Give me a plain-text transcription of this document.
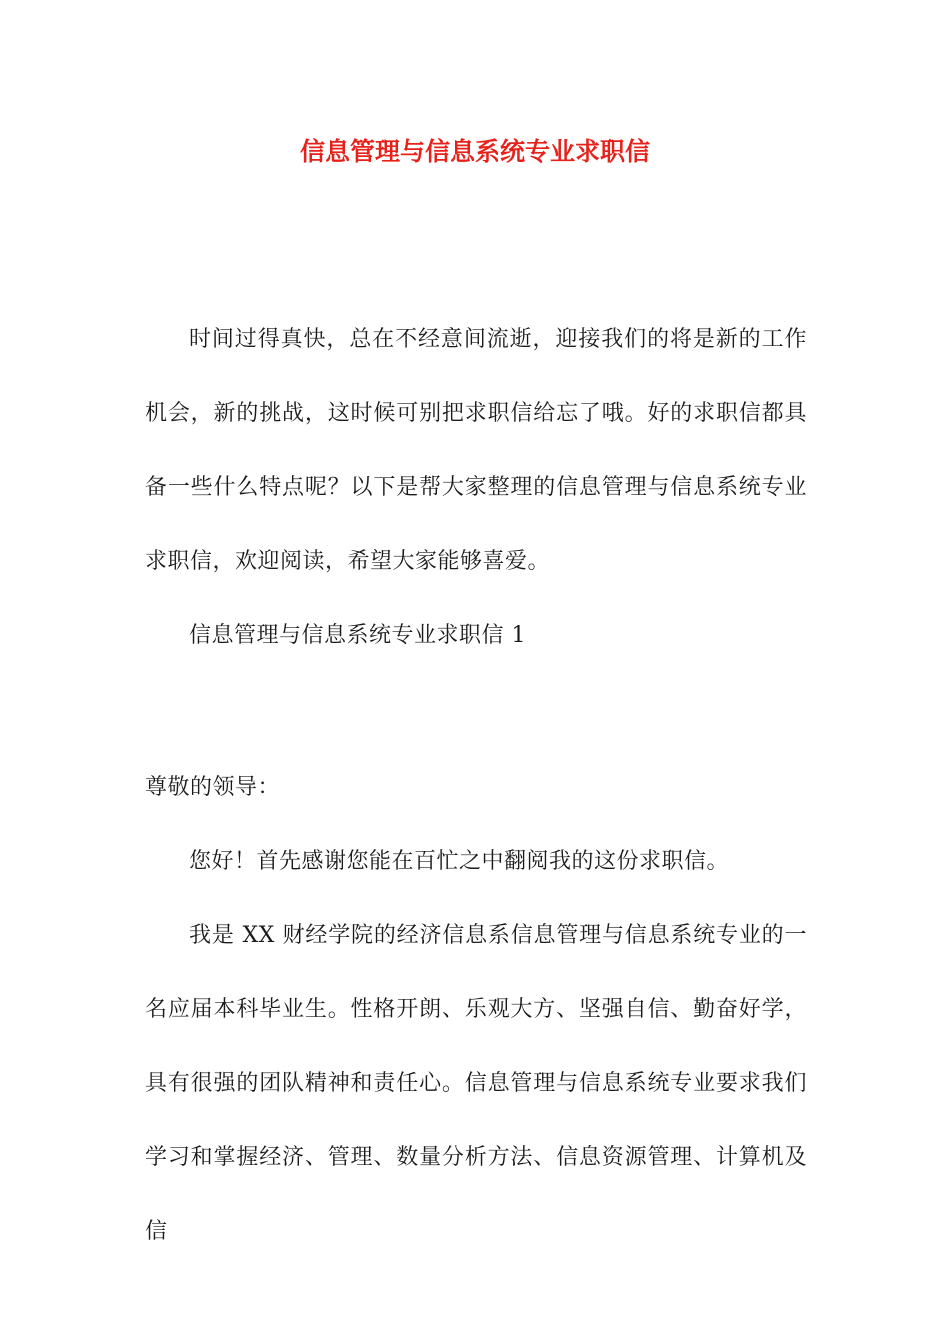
信息管理与信息系统专业求职信

时间过得真快，总在不经意间流逝，迎接我们的将是新的工作机会，新的挑战，这时候可别把求职信给忘了哦。好的求职信都具备一些什么特点呢？以下是帮大家整理的信息管理与信息系统专业求职信，欢迎阅读，希望大家能够喜爱。

信息管理与信息系统专业求职信 1

尊敬的领导：

您好！首先感谢您能在百忙之中翻阅我的这份求职信。

我是 XX 财经学院的经济信息系信息管理与信息系统专业的一名应届本科毕业生。性格开朗、乐观大方、坚强自信、勤奋好学，具有很强的团队精神和责任心。信息管理与信息系统专业要求我们学习和掌握经济、管理、数量分析方法、信息资源管理、计算机及信
